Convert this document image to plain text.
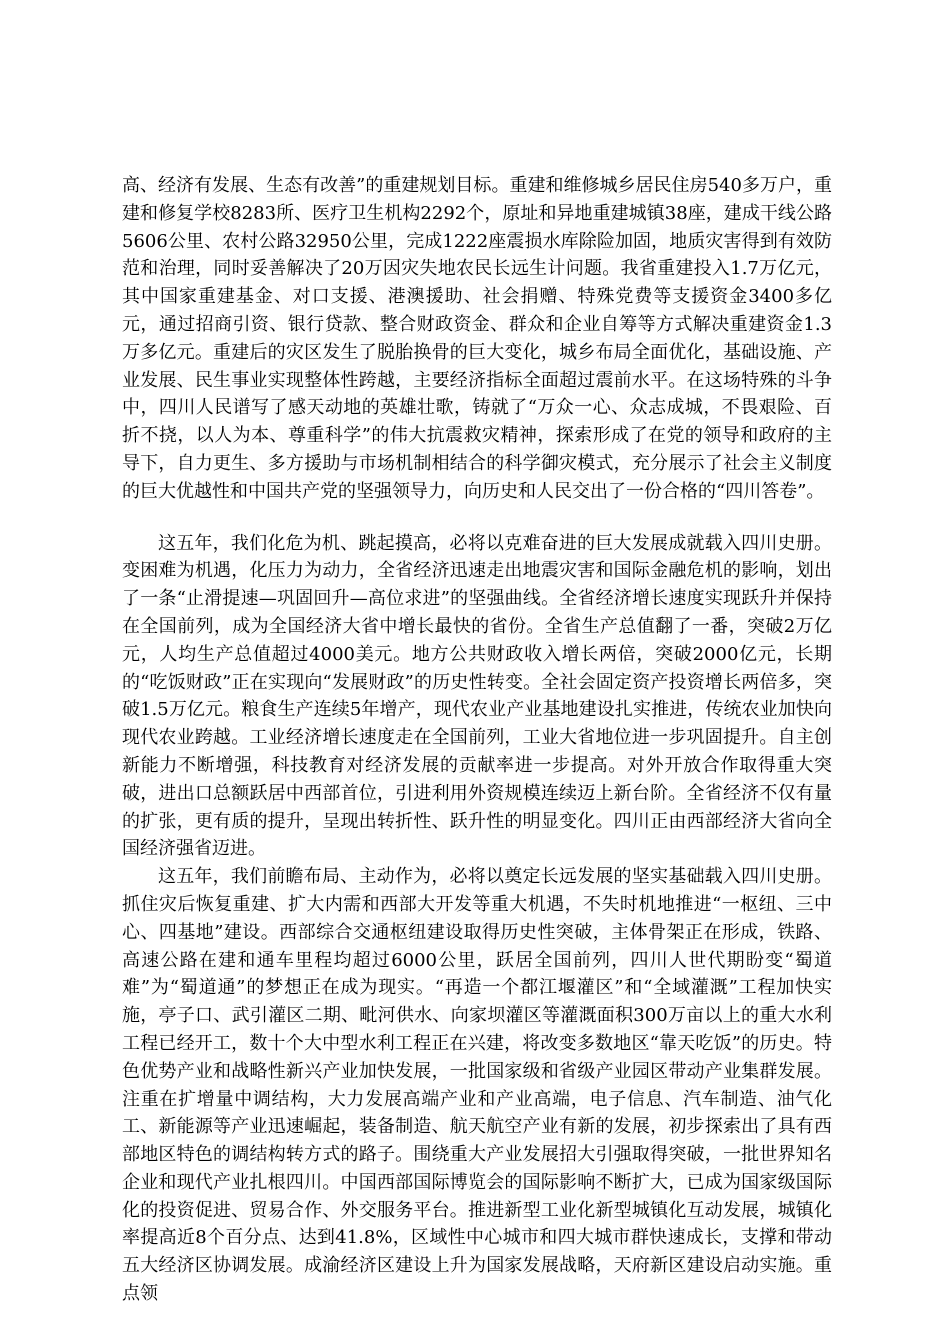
高、经济有发展、生态有改善”的重建规划目标。重建和维修城乡居民住房540多万户，重建和修复学校8283所、医疗卫生机构2292个，原址和异地重建城镇38座，建成干线公路5606公里、农村公路32950公里，完成1222座震损水库除险加固，地质灾害得到有效防范和治理，同时妥善解决了20万因灾失地农民长远生计问题。我省重建投入1.7万亿元，其中国家重建基金、对口支援、港澳援助、社会捐赠、特殊党费等支援资金3400多亿元，通过招商引资、银行贷款、整合财政资金、群众和企业自筹等方式解决重建资金1.3万多亿元。重建后的灾区发生了脱胎换骨的巨大变化，城乡布局全面优化，基础设施、产业发展、民生事业实现整体性跨越，主要经济指标全面超过震前水平。在这场特殊的斗争中，四川人民谱写了感天动地的英雄壮歌，铸就了“万众一心、众志成城，不畏艰险、百折不挠，以人为本、尊重科学”的伟大抗震救灾精神，探索形成了在党的领导和政府的主导下，自力更生、多方援助与市场机制相结合的科学御灾模式，充分展示了社会主义制度的巨大优越性和中国共产党的坚强领导力，向历史和人民交出了一份合格的“四川答卷”。

这五年，我们化危为机、跳起摸高，必将以克难奋进的巨大发展成就载入四川史册。变困难为机遇，化压力为动力，全省经济迅速走出地震灾害和国际金融危机的影响，划出了一条“止滑提速—巩固回升—高位求进”的坚强曲线。全省经济增长速度实现跃升并保持在全国前列，成为全国经济大省中增长最快的省份。全省生产总值翻了一番，突破2万亿元，人均生产总值超过4000美元。地方公共财政收入增长两倍，突破2000亿元，长期的“吃饭财政”正在实现向“发展财政”的历史性转变。全社会固定资产投资增长两倍多，突破1.5万亿元。粮食生产连续5年增产，现代农业产业基地建设扎实推进，传统农业加快向现代农业跨越。工业经济增长速度走在全国前列，工业大省地位进一步巩固提升。自主创新能力不断增强，科技教育对经济发展的贡献率进一步提高。对外开放合作取得重大突破，进出口总额跃居中西部首位，引进利用外资规模连续迈上新台阶。全省经济不仅有量的扩张，更有质的提升，呈现出转折性、跃升性的明显变化。四川正由西部经济大省向全国经济强省迈进。

这五年，我们前瞻布局、主动作为，必将以奠定长远发展的坚实基础载入四川史册。抓住灾后恢复重建、扩大内需和西部大开发等重大机遇，不失时机地推进“一枢纽、三中心、四基地”建设。西部综合交通枢纽建设取得历史性突破，主体骨架正在形成，铁路、高速公路在建和通车里程均超过6000公里，跃居全国前列，四川人世代期盼变“蜀道难”为“蜀道通”的梦想正在成为现实。“再造一个都江堰灌区”和“全域灌溉”工程加快实施，亭子口、武引灌区二期、毗河供水、向家坝灌区等灌溉面积300万亩以上的重大水利工程已经开工，数十个大中型水利工程正在兴建，将改变多数地区“靠天吃饭”的历史。特色优势产业和战略性新兴产业加快发展，一批国家级和省级产业园区带动产业集群发展。注重在扩增量中调结构，大力发展高端产业和产业高端，电子信息、汽车制造、油气化工、新能源等产业迅速崛起，装备制造、航天航空产业有新的发展，初步探索出了具有西部地区特色的调结构转方式的路子。围绕重大产业发展招大引强取得突破，一批世界知名企业和现代产业扎根四川。中国西部国际博览会的国际影响不断扩大，已成为国家级国际化的投资促进、贸易合作、外交服务平台。推进新型工业化新型城镇化互动发展，城镇化率提高近8个百分点、达到41.8%，区域性中心城市和四大城市群快速成长，支撑和带动五大经济区协调发展。成渝经济区建设上升为国家发展战略，天府新区建设启动实施。重点领
